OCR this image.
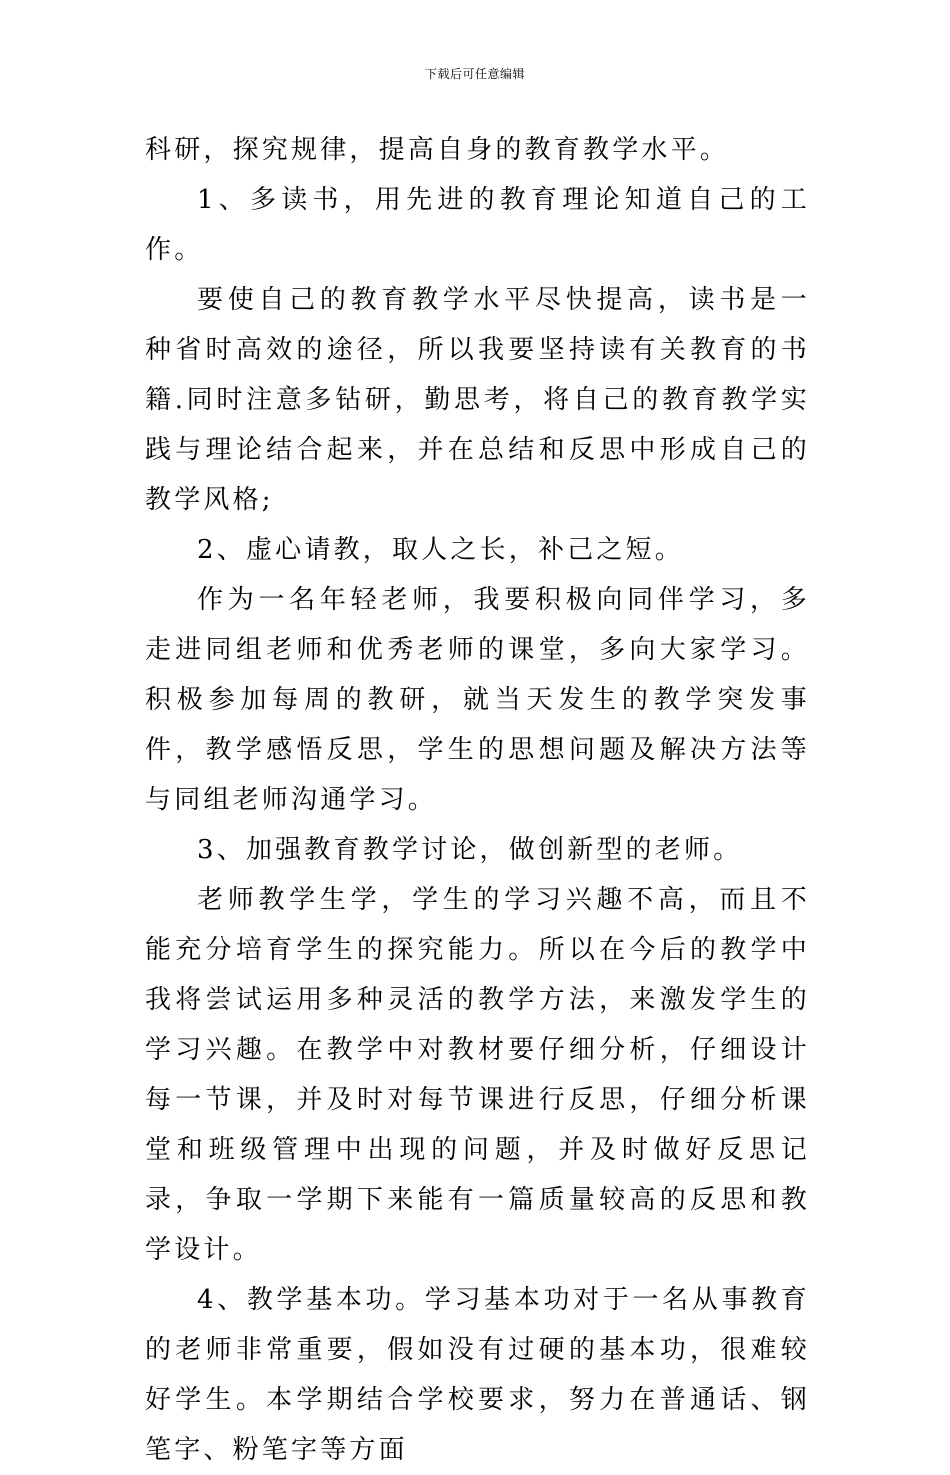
下载后可任意编辑

科研，探究规律，提高自身的教育教学水平。

1、多读书，用先进的教育理论知道自己的工作。

要使自己的教育教学水平尽快提高，读书是一种省时高效的途径，所以我要坚持读有关教育的书籍.同时注意多钻研，勤思考，将自己的教育教学实践与理论结合起来，并在总结和反思中形成自己的教学风格;

2、虚心请教，取人之长，补己之短。

作为一名年轻老师，我要积极向同伴学习，多走进同组老师和优秀老师的课堂，多向大家学习。积极参加每周的教研，就当天发生的教学突发事件，教学感悟反思，学生的思想问题及解决方法等与同组老师沟通学习。

3、加强教育教学讨论，做创新型的老师。

老师教学生学，学生的学习兴趣不高，而且不能充分培育学生的探究能力。所以在今后的教学中我将尝试运用多种灵活的教学方法，来激发学生的学习兴趣。在教学中对教材要仔细分析，仔细设计每一节课，并及时对每节课进行反思，仔细分析课堂和班级管理中出现的问题，并及时做好反思记录，争取一学期下来能有一篇质量较高的反思和教学设计。

4、教学基本功。学习基本功对于一名从事教育的老师非常重要，假如没有过硬的基本功，很难较好学生。本学期结合学校要求，努力在普通话、钢笔字、粉笔字等方面
